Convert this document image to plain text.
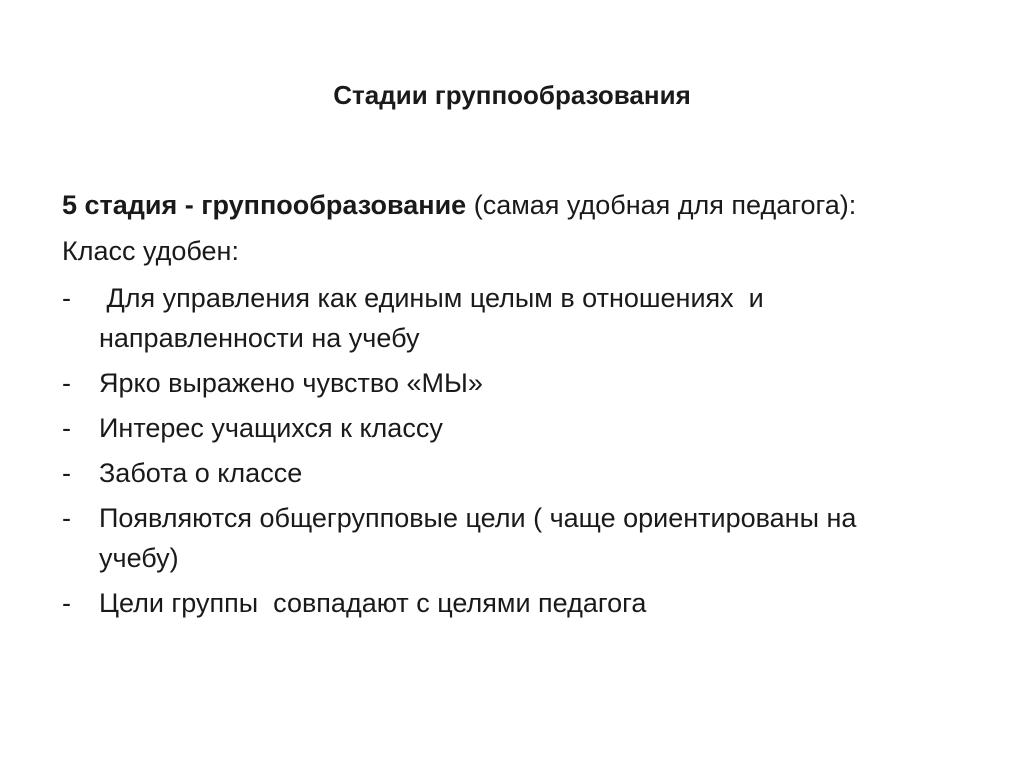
Стадии группообразования

5 стадия - группообразование (самая удобная для педагога):

Класс удобен:

- Для управления как единым целым в отношениях  и направленности на учебу
- Ярко выражено чувство «МЫ»
- Интерес учащихся к классу
- Забота о классе
- Появляются общегрупповые цели ( чаще ориентированы на  учебу)
- Цели группы  совпадают с целями педагога
